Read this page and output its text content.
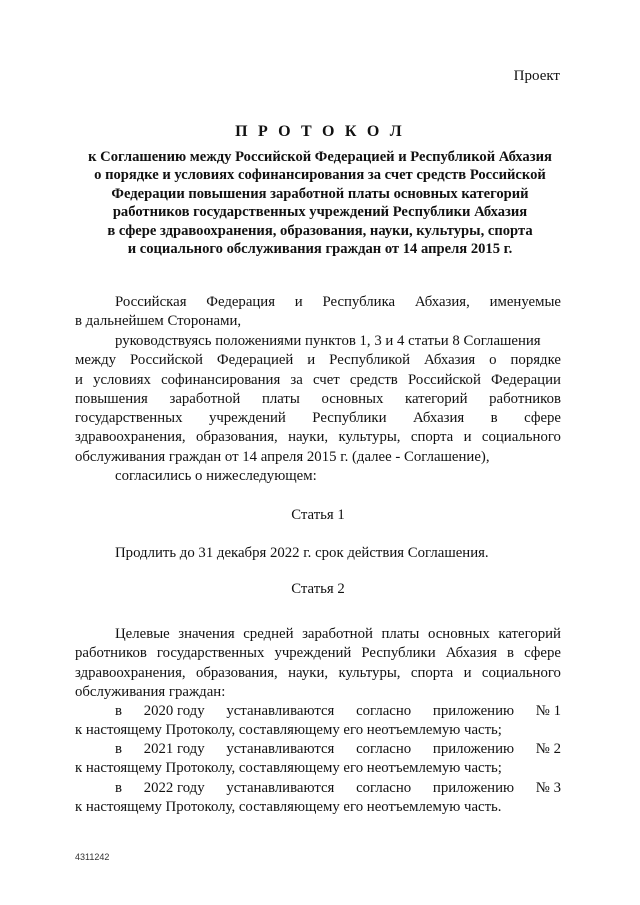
Проект
П Р О Т О К О Л
к Соглашению между Российской Федерацией и Республикой Абхазия
о порядке и условиях софинансирования за счет средств Российской
Федерации повышения заработной платы основных категорий
работников государственных учреждений Республики Абхазия
в сфере здравоохранения, образования, науки, культуры, спорта
и социального обслуживания граждан от 14 апреля 2015 г.
Российская Федерация и Республика Абхазия, именуемые
в дальнейшем Сторонами,
руководствуясь положениями пунктов 1, 3 и 4 статьи 8 Соглашения
между Российской Федерацией и Республикой Абхазия о порядке
и условиях софинансирования за счет средств Российской Федерации
повышения заработной платы основных категорий работников
государственных учреждений Республики Абхазия в сфере
здравоохранения, образования, науки, культуры, спорта и социального
обслуживания граждан от 14 апреля 2015 г. (далее - Соглашение),
согласились о нижеследующем:
Статья 1
Продлить до 31 декабря 2022 г. срок действия Соглашения.
Статья 2
Целевые значения средней заработной платы основных категорий
работников государственных учреждений Республики Абхазия в сфере
здравоохранения, образования, науки, культуры, спорта и социального
обслуживания граждан:
в 2020 году устанавливаются согласно приложению № 1
к настоящему Протоколу, составляющему его неотъемлемую часть;
в 2021 году устанавливаются согласно приложению № 2
к настоящему Протоколу, составляющему его неотъемлемую часть;
в 2022 году устанавливаются согласно приложению № 3
к настоящему Протоколу, составляющему его неотъемлемую часть.
4311242
